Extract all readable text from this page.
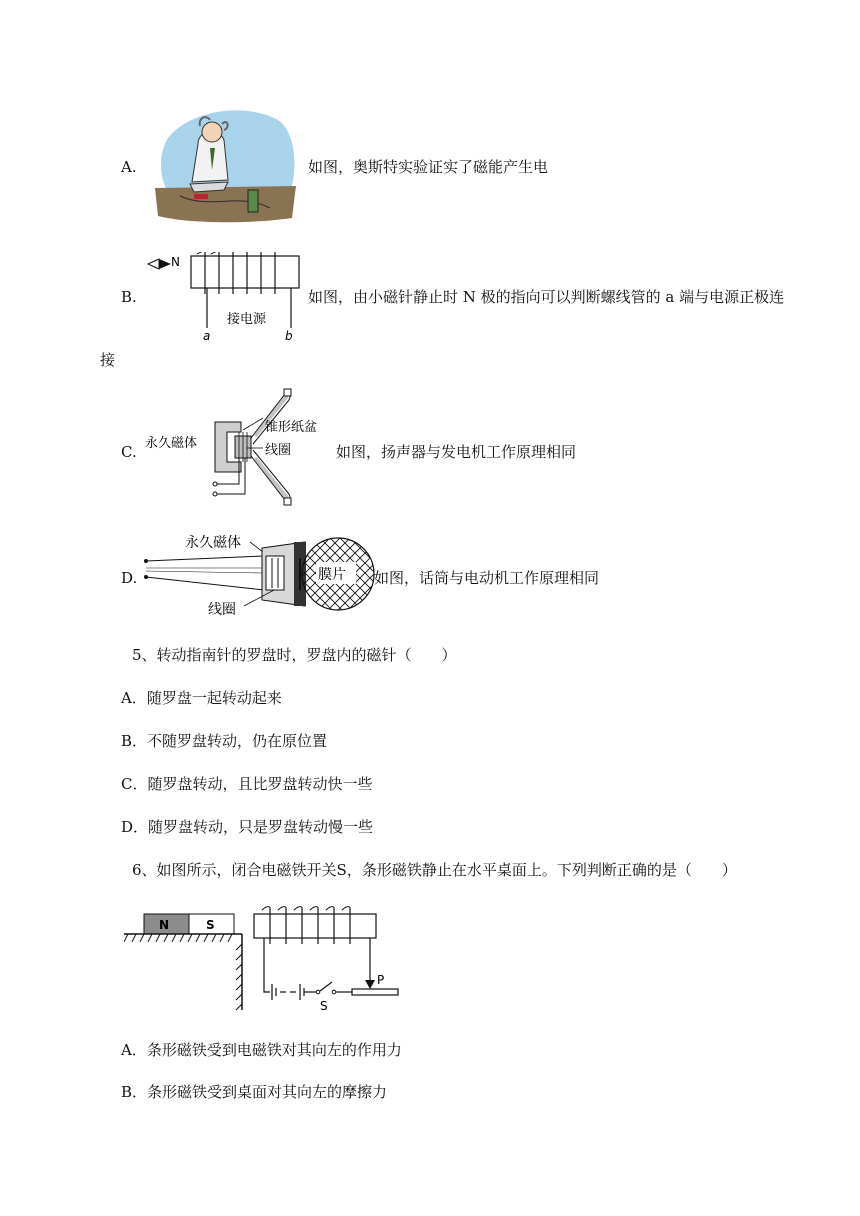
A.	如图，奥斯特实验证实了磁能产生电
B.
N
接电源
a	b
如图，由小磁针静止时 N 极的指向可以判断螺线管的 a 端与电源正极连
接
C. 永久磁体
锥形纸盆
线圈	如图，扬声器与发电机工作原理相同
D.
永久磁体
膜片
线圈
如图，话筒与电动机工作原理相同
5、转动指南针的罗盘时，罗盘内的磁针（　　）
A．随罗盘一起转动起来
B．不随罗盘转动，仍在原位置
C．随罗盘转动，且比罗盘转动快一些
D．随罗盘转动，只是罗盘转动慢一些
6、如图所示，闭合电磁铁开关S，条形磁铁静止在水平桌面上。下列判断正确的是（　　）
N	S
S
P
A．条形磁铁受到电磁铁对其向左的作用力
B．条形磁铁受到桌面对其向左的摩擦力
